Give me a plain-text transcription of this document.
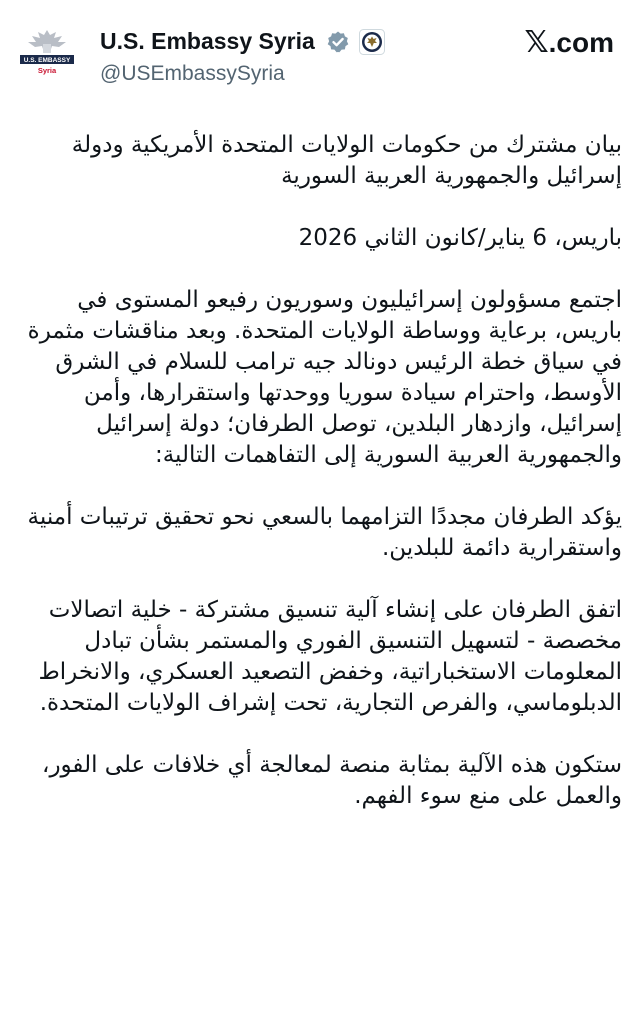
U.S. EMBASSY
Syria
U.S. Embassy Syria

@USEmbassySyria
𝕏.com

بيان مشترك من حكومات الولايات المتحدة الأمريكية ودولة إسرائيل والجمهورية العربية السورية

باريس، 6 يناير/كانون الثاني 2026

اجتمع مسؤولون إسرائيليون وسوريون رفيعو المستوى في باريس، برعاية ووساطة الولايات المتحدة. وبعد مناقشات مثمرة في سياق خطة الرئيس دونالد جيه ترامب للسلام في الشرق الأوسط، واحترام سيادة سوريا ووحدتها واستقرارها، وأمن إسرائيل، وازدهار البلدين، توصل الطرفان؛ دولة إسرائيل والجمهورية العربية السورية إلى التفاهمات التالية:

يؤكد الطرفان مجددًا التزامهما بالسعي نحو تحقيق ترتيبات أمنية واستقرارية دائمة للبلدين.

اتفق الطرفان على إنشاء آلية تنسيق مشتركة - خلية اتصالات مخصصة - لتسهيل التنسيق الفوري والمستمر بشأن تبادل المعلومات الاستخباراتية، وخفض التصعيد العسكري، والانخراط الدبلوماسي، والفرص التجارية، تحت إشراف الولايات المتحدة.

ستكون هذه الآلية بمثابة منصة لمعالجة أي خلافات على الفور، والعمل على منع سوء الفهم.
